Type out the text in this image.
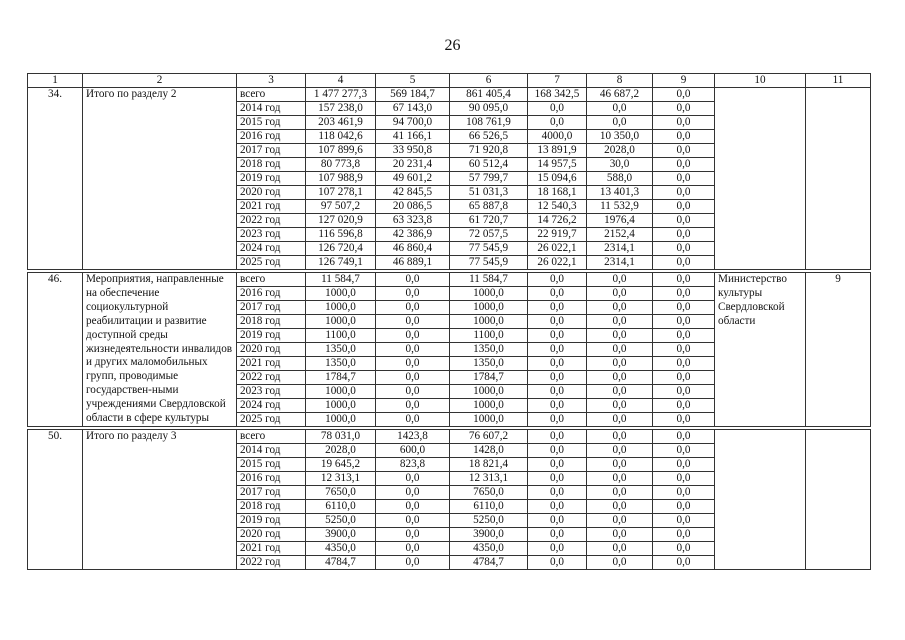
26
1	2	3	4	5	6	7	8	9	10	11
34.	Итого по разделу 2	всего	1 477 277,3	569 184,7	861 405,4	168 342,5	46 687,2	0,0		
		2014 год	157 238,0	67 143,0	90 095,0	0,0	0,0	0,0		
		2015 год	203 461,9	94 700,0	108 761,9	0,0	0,0	0,0		
		2016 год	118 042,6	41 166,1	66 526,5	4000,0	10 350,0	0,0		
		2017 год	107 899,6	33 950,8	71 920,8	13 891,9	2028,0	0,0		
		2018 год	80 773,8	20 231,4	60 512,4	14 957,5	30,0	0,0		
		2019 год	107 988,9	49 601,2	57 799,7	15 094,6	588,0	0,0		
		2020 год	107 278,1	42 845,5	51 031,3	18 168,1	13 401,3	0,0		
		2021 год	97 507,2	20 086,5	65 887,8	12 540,3	11 532,9	0,0		
		2022 год	127 020,9	63 323,8	61 720,7	14 726,2	1976,4	0,0		
		2023 год	116 596,8	42 386,9	72 057,5	22 919,7	2152,4	0,0		
		2024 год	126 720,4	46 860,4	77 545,9	26 022,1	2314,1	0,0		
		2025 год	126 749,1	46 889,1	77 545,9	26 022,1	2314,1	0,0		

46.	Мероприятия, направленные на обеспечение социокультурной реабилитации и развитие доступной среды жизнедеятельности инвалидов и других маломобильных групп, проводимые государствен-ными учреждениями Свердловской области в сфере культуры	всего	11 584,7	0,0	11 584,7	0,0	0,0	0,0	Министерство культуры Свердловской области	9
		2016 год	1000,0	0,0	1000,0	0,0	0,0	0,0		
		2017 год	1000,0	0,0	1000,0	0,0	0,0	0,0		
		2018 год	1000,0	0,0	1000,0	0,0	0,0	0,0		
		2019 год	1100,0	0,0	1100,0	0,0	0,0	0,0		
		2020 год	1350,0	0,0	1350,0	0,0	0,0	0,0		
		2021 год	1350,0	0,0	1350,0	0,0	0,0	0,0		
		2022 год	1784,7	0,0	1784,7	0,0	0,0	0,0		
		2023 год	1000,0	0,0	1000,0	0,0	0,0	0,0		
		2024 год	1000,0	0,0	1000,0	0,0	0,0	0,0		
		2025 год	1000,0	0,0	1000,0	0,0	0,0	0,0		

50.	Итого по разделу 3	всего	78 031,0	1423,8	76 607,2	0,0	0,0	0,0		
		2014 год	2028,0	600,0	1428,0	0,0	0,0	0,0		
		2015 год	19 645,2	823,8	18 821,4	0,0	0,0	0,0		
		2016 год	12 313,1	0,0	12 313,1	0,0	0,0	0,0		
		2017 год	7650,0	0,0	7650,0	0,0	0,0	0,0		
		2018 год	6110,0	0,0	6110,0	0,0	0,0	0,0		
		2019 год	5250,0	0,0	5250,0	0,0	0,0	0,0		
		2020 год	3900,0	0,0	3900,0	0,0	0,0	0,0		
		2021 год	4350,0	0,0	4350,0	0,0	0,0	0,0		
		2022 год	4784,7	0,0	4784,7	0,0	0,0	0,0		
